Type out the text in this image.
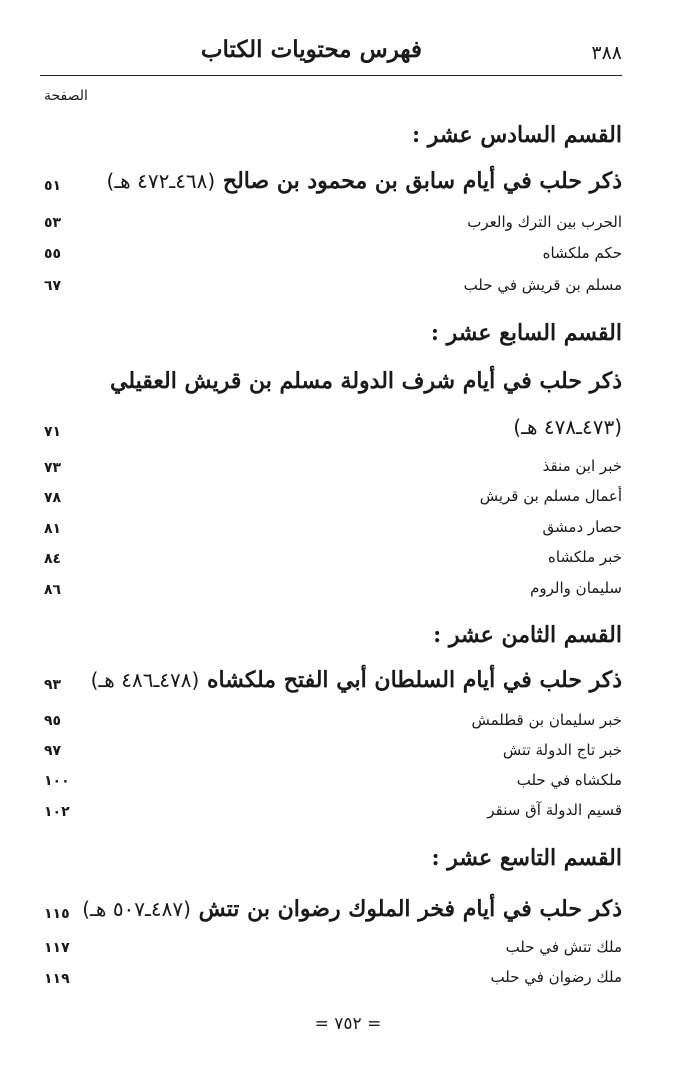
٣٨٨
فهرس محتويات الكتاب
الصفحة
القسم السادس عشر :
ذكر حلب في أيام سابق بن محمود بن صالح (٤٦٨ـ٤٧٢ هـ)
٥١
الحرب بين الترك والعرب
٥٣
حكم ملكشاه
٥٥
مسلم بن قريش في حلب
٦٧
القسم السابع عشر :
ذكر حلب في أيام شرف الدولة مسلم بن قريش العقيلي
(٤٧٣ـ٤٧٨ هـ)
٧١
خبر ابن منقذ
٧٣
أعمال مسلم بن قريش
٧٨
حصار دمشق
٨١
خبر ملكشاه
٨٤
سليمان والروم
٨٦
القسم الثامن عشر :
ذكر حلب في أيام السلطان أبي الفتح ملكشاه (٤٧٨ـ٤٨٦ هـ)
٩٣
خبر سليمان بن قطلمش
٩٥
خبر تاج الدولة تتش
٩٧
ملكشاه في حلب
١٠٠
قسيم الدولة آق سنقر
١٠٢
القسم التاسع عشر :
ذكر حلب في أيام فخر الملوك رضوان بن تتش (٤٨٧ـ٥٠٧ هـ)
١١٥
ملك تتش في حلب
١١٧
ملك رضوان في حلب
١١٩
= ٧٥٢ =
